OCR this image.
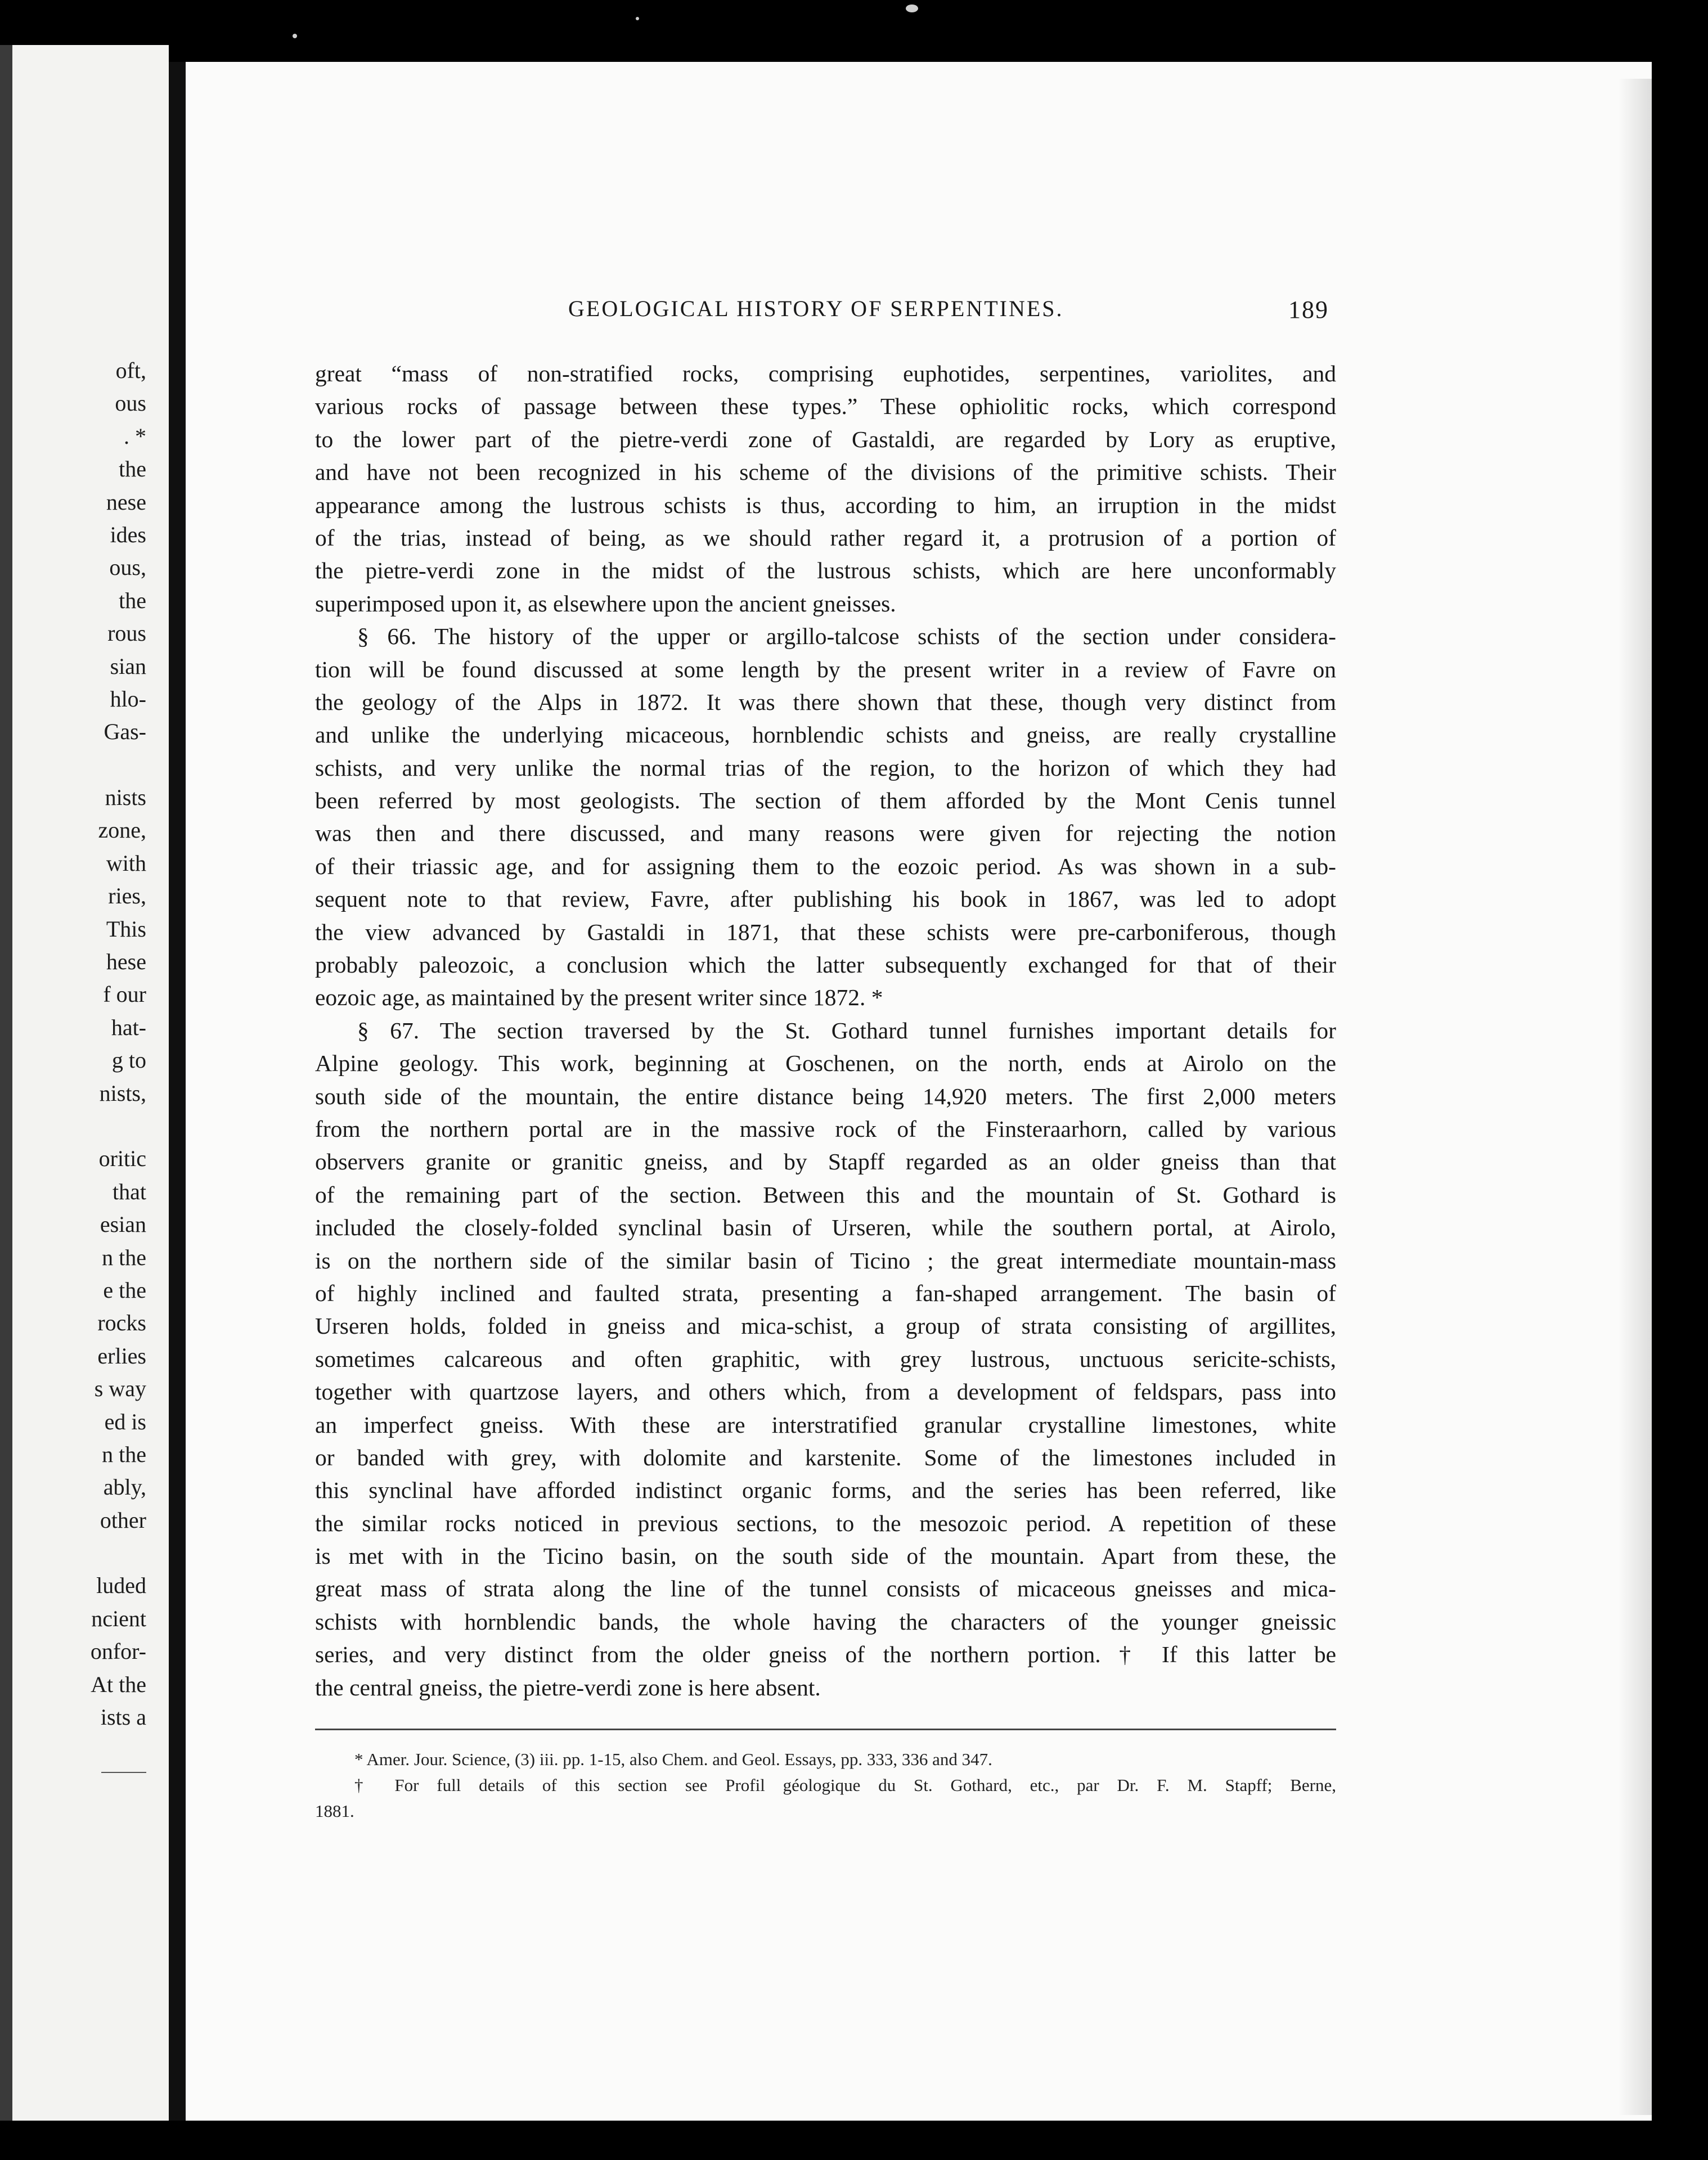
oft,
ous
. *
the
nese
ides
ous,
the
rous
sian
hlo-
Gas-
nists
zone,
with
ries,
This
hese
f our
hat-
g to
nists,
oritic
that
esian
n the
e the
rocks
erlies
s way
ed is
n the
ably,
other
luded
ncient
onfor-
At the
ists a
GEOLOGICAL HISTORY OF SERPENTINES.	189
great “mass of non-stratified rocks, comprising euphotides, serpentines, variolites, and
various rocks of passage between these types.” These ophiolitic rocks, which correspond
to the lower part of the pietre-verdi zone of Gastaldi, are regarded by Lory as eruptive,
and have not been recognized in his scheme of the divisions of the primitive schists. Their
appearance among the lustrous schists is thus, according to him, an irruption in the midst
of the trias, instead of being, as we should rather regard it, a protrusion of a portion of
the pietre-verdi zone in the midst of the lustrous schists, which are here unconformably
superimposed upon it, as elsewhere upon the ancient gneisses.
§ 66. The history of the upper or argillo-talcose schists of the section under considera-
tion will be found discussed at some length by the present writer in a review of Favre on
the geology of the Alps in 1872. It was there shown that these, though very distinct from
and unlike the underlying micaceous, hornblendic schists and gneiss, are really crystalline
schists, and very unlike the normal trias of the region, to the horizon of which they had
been referred by most geologists. The section of them afforded by the Mont Cenis tunnel
was then and there discussed, and many reasons were given for rejecting the notion
of their triassic age, and for assigning them to the eozoic period. As was shown in a sub-
sequent note to that review, Favre, after publishing his book in 1867, was led to adopt
the view advanced by Gastaldi in 1871, that these schists were pre-carboniferous, though
probably paleozoic, a conclusion which the latter subsequently exchanged for that of their
eozoic age, as maintained by the present writer since 1872. *
§ 67. The section traversed by the St. Gothard tunnel furnishes important details for
Alpine geology. This work, beginning at Goschenen, on the north, ends at Airolo on the
south side of the mountain, the entire distance being 14,920 meters. The first 2,000 meters
from the northern portal are in the massive rock of the Finsteraarhorn, called by various
observers granite or granitic gneiss, and by Stapff regarded as an older gneiss than that
of the remaining part of the section. Between this and the mountain of St. Gothard is
included the closely-folded synclinal basin of Urseren, while the southern portal, at Airolo,
is on the northern side of the similar basin of Ticino ; the great intermediate mountain-mass
of highly inclined and faulted strata, presenting a fan-shaped arrangement. The basin of
Urseren holds, folded in gneiss and mica-schist, a group of strata consisting of argillites,
sometimes calcareous and often graphitic, with grey lustrous, unctuous sericite-schists,
together with quartzose layers, and others which, from a development of feldspars, pass into
an imperfect gneiss. With these are interstratified granular crystalline limestones, white
or banded with grey, with dolomite and karstenite. Some of the limestones included in
this synclinal have afforded indistinct organic forms, and the series has been referred, like
the similar rocks noticed in previous sections, to the mesozoic period. A repetition of these
is met with in the Ticino basin, on the south side of the mountain. Apart from these, the
great mass of strata along the line of the tunnel consists of micaceous gneisses and mica-
schists with hornblendic bands, the whole having the characters of the younger gneissic
series, and very distinct from the older gneiss of the northern portion. † If this latter be
the central gneiss, the pietre-verdi zone is here absent.
* Amer. Jour. Science, (3) iii. pp. 1-15, also Chem. and Geol. Essays, pp. 333, 336 and 347.
† For full details of this section see Profil géologique du St. Gothard, etc., par Dr. F. M. Stapff; Berne,
1881.
